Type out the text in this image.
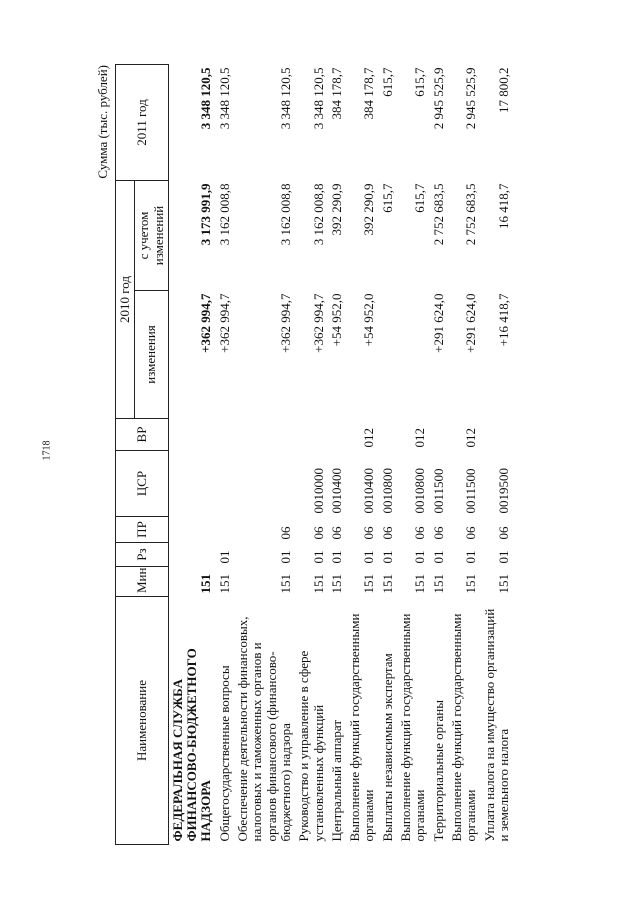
1718
Сумма (тыс. рублей)
Наименование	Мин	Рз	ПР	ЦСР	ВР	2010 год		2011 год
						изменения	с учетом изменений	
ФЕДЕРАЛЬНАЯ СЛУЖБА ФИНАНСОВО-БЮДЖЕТНОГО НАДЗОРА	151					+362 994,7	3 173 991,9	3 348 120,5
Общегосударственные вопросы	151	01				+362 994,7	3 162 008,8	3 348 120,5
Обеспечение деятельности финансовых, налоговых и таможенных органов и органов финансового (финансово-бюджетного) надзора	151	01	06			+362 994,7	3 162 008,8	3 348 120,5
Руководство и управление в сфере установленных функций	151	01	06	0010000		+362 994,7	3 162 008,8	3 348 120,5
Центральный аппарат	151	01	06	0010400		+54 952,0	392 290,9	384 178,7
Выполнение функций государственными органами	151	01	06	0010400	012	+54 952,0	392 290,9	384 178,7
Выплаты независимым экспертам	151	01	06	0010800			615,7	615,7
Выполнение функций государственными органами	151	01	06	0010800	012		615,7	615,7
Территориальные органы	151	01	06	0011500		+291 624,0	2 752 683,5	2 945 525,9
Выполнение функций государственными органами	151	01	06	0011500	012	+291 624,0	2 752 683,5	2 945 525,9
Уплата налога на имущество организаций и земельного налога	151	01	06	0019500		+16 418,7	16 418,7	17 800,2
